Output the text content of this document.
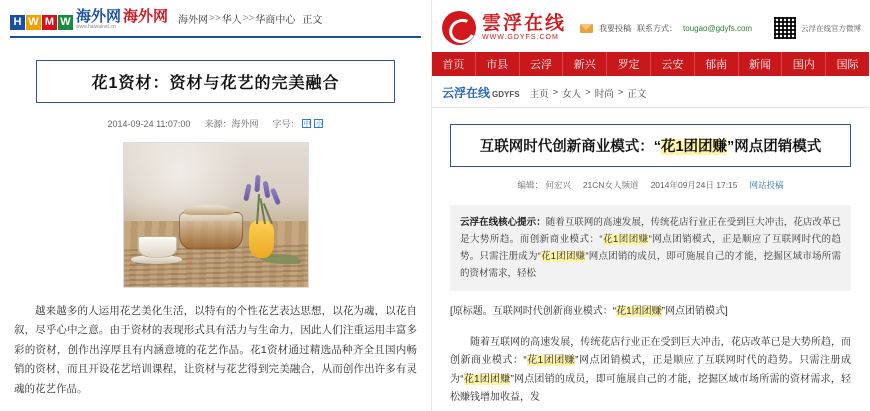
H W M W 海外网 海外网
www.haiwainet.cn
海外网 >> 华人 >> 华商中心 正文
花1资材：资材与花艺的完美融合
2014-09-24 11:07:00 来源：海外网 字号： 中 小

越来越多的人运用花艺美化生活，以特有的个性花艺表达思想，以花为魂，以花自叙，尽乎心中之意。由于资材的表现形式具有活力与生命力，因此人们注重运用丰富多彩的资材，创作出淳厚且有内涵意境的花艺作品。花1资材通过精选品种齐全且国内畅销的资材，而且开设花艺培训课程，让资材与花艺得到完美融合，从而创作出许多有灵魂的花艺作品。

雲浮在线
WWW.GDYFS.COM
我要投稿 联系方式： tougao@gdyfs.com	云浮在线官方微博
首页	市县	云浮	新兴	罗定	云安	郁南	新闻	国内	国际
云浮在线 GDYFS 主页 > 女人 > 时尚 > 正文
互联网时代创新商业模式：“花1团团赚”网点团销模式
编辑： 何宏兴 21CN女人频道 2014年09月24日 17:15 网站投稿
云浮在线核心提示：随着互联网的高速发展，传统花店行业正在受到巨大冲击，花店改革已是大势所趋。而创新商业模式：“花1团团赚”网点团销模式，正是顺应了互联网时代的趋势。只需注册成为“花1团团赚”网点团销的成员，即可施展自己的才能，挖掘区域市场所需的资材需求，轻松

[原标题。互联网时代创新商业模式：“花1团团赚”网点团销模式]

随着互联网的高速发展，传统花店行业正在受到巨大冲击，花店改革已是大势所趋，而创新商业模式：“花1团团赚”网点团销模式，正是顺应了互联网时代的趋势。只需注册成为“花1团团赚”网点团销的成员，即可施展自己的才能，挖掘区域市场所需的资材需求，轻松赚钱增加收益，发
